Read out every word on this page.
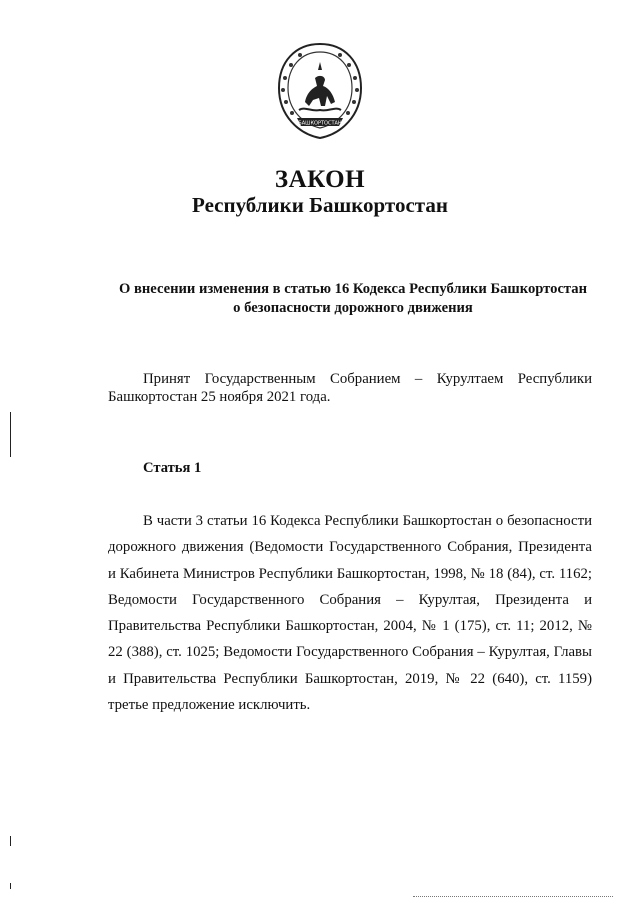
БАШКОРТОСТАН
ЗАКОН
Республики Башкортостан
О внесении изменения в статью 16 Кодекса Республики Башкортостан
о безопасности дорожного движения
Принят Государственным Собранием – Курултаем Республики Башкортостан 25 ноября 2021 года.
Статья 1
В части 3 статьи 16 Кодекса Республики Башкортостан о безопасности дорожного движения (Ведомости Государственного Собрания, Президента и Кабинета Министров Республики Башкортостан, 1998, № 18 (84), ст. 1162; Ведомости Государственного Собрания – Курултая, Президента и Правительства Республики Башкортостан, 2004, № 1 (175), ст. 11; 2012, № 22 (388), ст. 1025; Ведомости Государственного Собрания – Курултая, Главы и Правительства Республики Башкортостан, 2019, № 22 (640), ст. 1159) третье предложение исключить.
